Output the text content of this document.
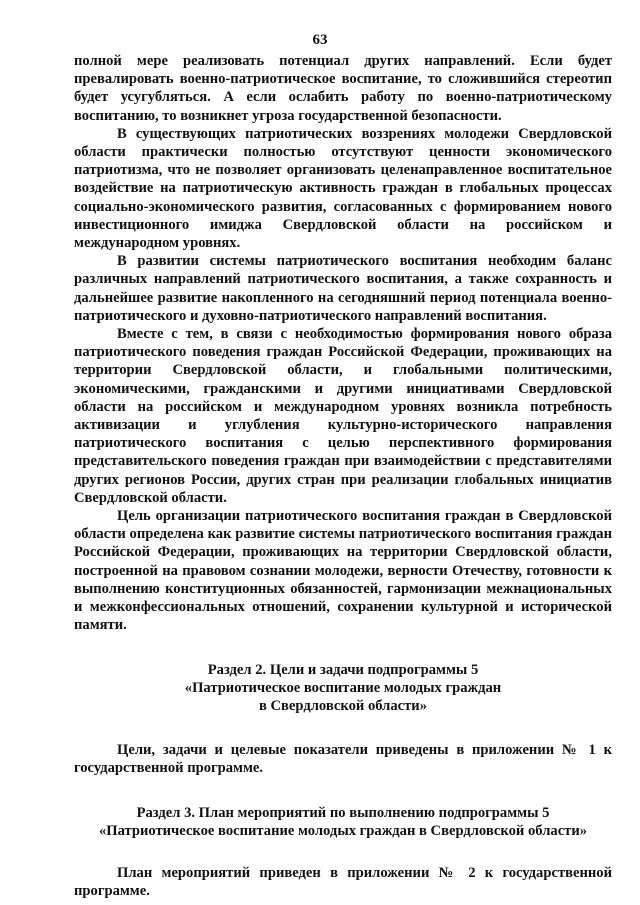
63

полной мере реализовать потенциал других направлений. Если будет превалировать военно-патриотическое воспитание, то сложившийся стереотип будет усугубляться. А если ослабить работу по военно-патриотическому воспитанию, то возникнет угроза государственной безопасности.

В существующих патриотических воззрениях молодежи Свердловской области практически полностью отсутствуют ценности экономического патриотизма, что не позволяет организовать целенаправленное воспитательное воздействие на патриотическую активность граждан в глобальных процессах социально-экономического развития, согласованных с формированием нового инвестиционного имиджа Свердловской области на российском и международном уровнях.

В развитии системы патриотического воспитания необходим баланс различных направлений патриотического воспитания, а также сохранность и дальнейшее развитие накопленного на сегодняшний период потенциала военно-патриотического и духовно-патриотического направлений воспитания.

Вместе с тем, в связи с необходимостью формирования нового образа патриотического поведения граждан Российской Федерации, проживающих на территории Свердловской области, и глобальными политическими, экономическими, гражданскими и другими инициативами Свердловской области на российском и международном уровнях возникла потребность активизации и углубления культурно-исторического направления патриотического воспитания с целью перспективного формирования представительского поведения граждан при взаимодействии с представителями других регионов России, других стран при реализации глобальных инициатив Свердловской области.

Цель организации патриотического воспитания граждан в Свердловской области определена как развитие системы патриотического воспитания граждан Российской Федерации, проживающих на территории Свердловской области, построенной на правовом сознании молодежи, верности Отечеству, готовности к выполнению конституционных обязанностей, гармонизации межнациональных и межконфессиональных отношений, сохранении культурной и исторической памяти.

Раздел 2. Цели и задачи подпрограммы 5

«Патриотическое воспитание молодых граждан

в Свердловской области»

Цели, задачи и целевые показатели приведены в приложении № 1 к государственной программе.

Раздел 3. План мероприятий по выполнению подпрограммы 5

«Патриотическое воспитание молодых граждан в Свердловской области»

План мероприятий приведен в приложении № 2 к государственной программе.
